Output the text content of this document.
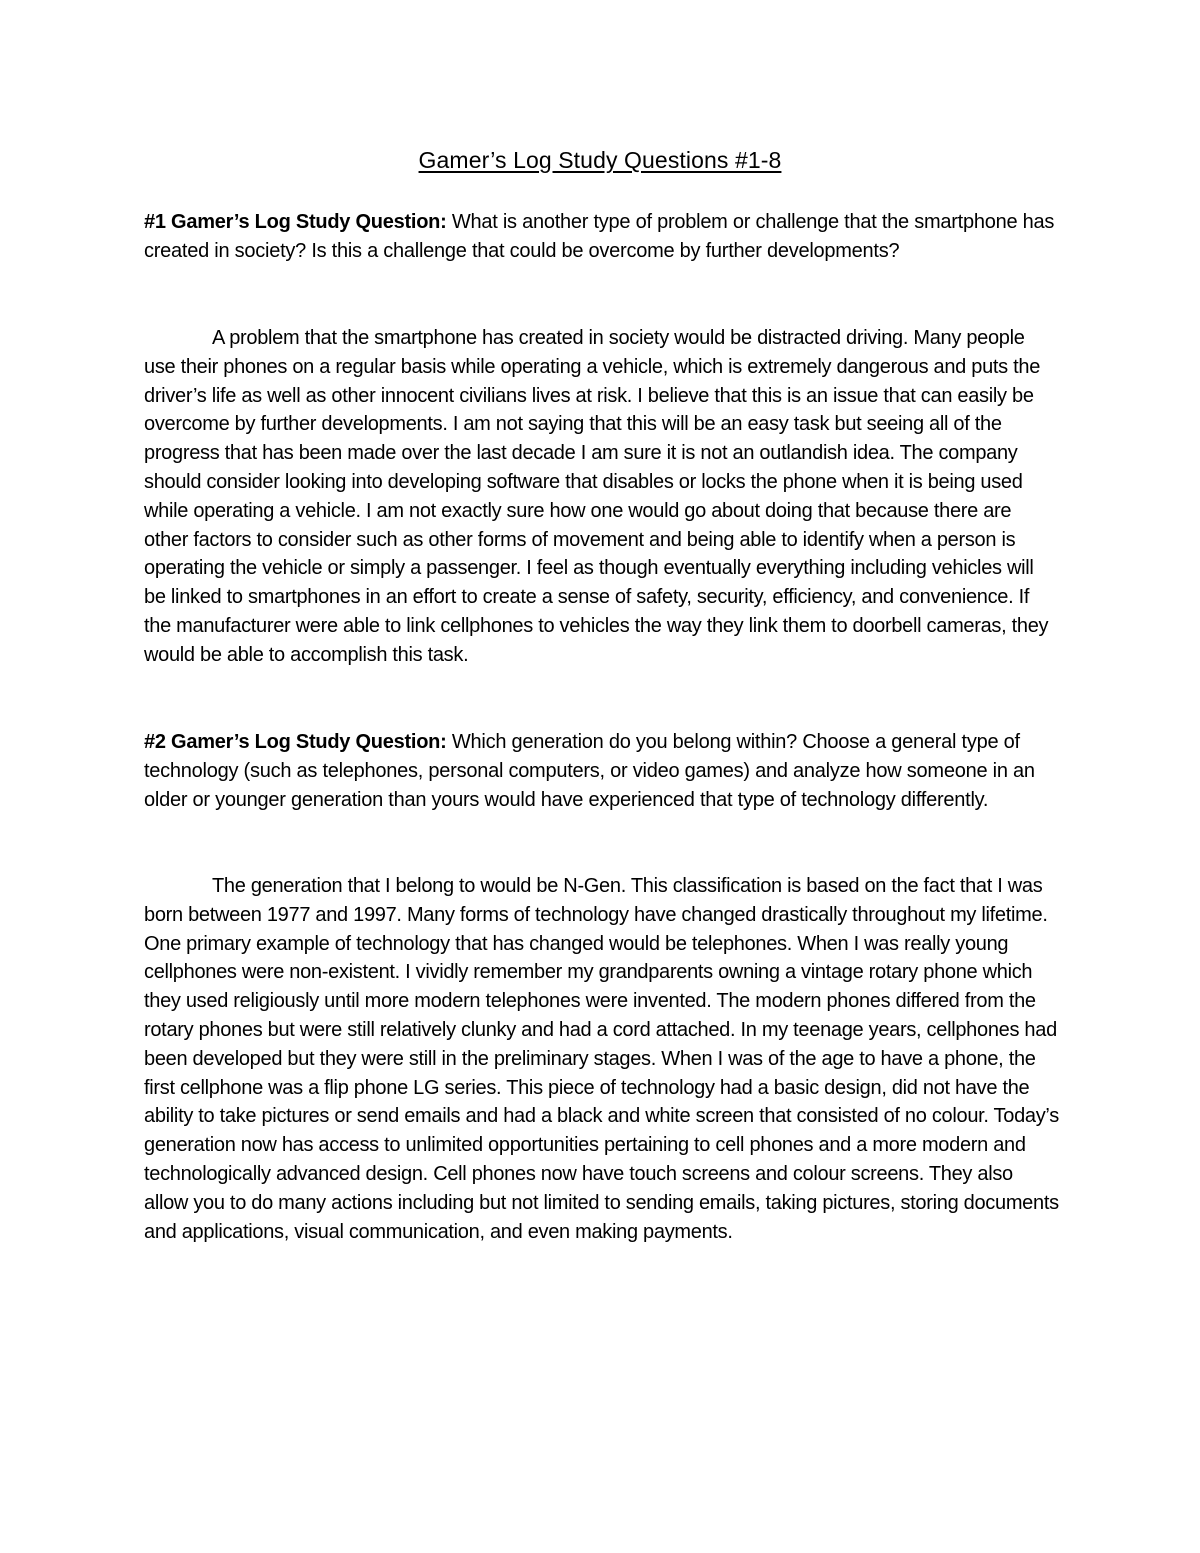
Gamer’s Log Study Questions #1-8
#1 Gamer’s Log Study Question: What is another type of problem or challenge that the smartphone has created in society? Is this a challenge that could be overcome by further developments?
A problem that the smartphone has created in society would be distracted driving. Many people use their phones on a regular basis while operating a vehicle, which is extremely dangerous and puts the driver’s life as well as other innocent civilians lives at risk. I believe that this is an issue that can easily be overcome by further developments. I am not saying that this will be an easy task but seeing all of the progress that has been made over the last decade I am sure it is not an outlandish idea. The company should consider looking into developing software that disables or locks the phone when it is being used while operating a vehicle. I am not exactly sure how one would go about doing that because there are other factors to consider such as other forms of movement and being able to identify when a person is operating the vehicle or simply a passenger. I feel as though eventually everything including vehicles will be linked to smartphones in an effort to create a sense of safety, security, efficiency, and convenience. If the manufacturer were able to link cellphones to vehicles the way they link them to doorbell cameras, they would be able to accomplish this task.
#2 Gamer’s Log Study Question: Which generation do you belong within? Choose a general type of technology (such as telephones, personal computers, or video games) and analyze how someone in an older or younger generation than yours would have experienced that type of technology differently.
The generation that I belong to would be N-Gen. This classification is based on the fact that I was born between 1977 and 1997. Many forms of technology have changed drastically throughout my lifetime. One primary example of technology that has changed would be telephones. When I was really young cellphones were non-existent. I vividly remember my grandparents owning a vintage rotary phone which they used religiously until more modern telephones were invented. The modern phones differed from the rotary phones but were still relatively clunky and had a cord attached. In my teenage years, cellphones had been developed but they were still in the preliminary stages. When I was of the age to have a phone, the first cellphone was a flip phone LG series. This piece of technology had a basic design, did not have the ability to take pictures or send emails and had a black and white screen that consisted of no colour. Today’s generation now has access to unlimited opportunities pertaining to cell phones and a more modern and technologically advanced design. Cell phones now have touch screens and colour screens. They also allow you to do many actions including but not limited to sending emails, taking pictures, storing documents and applications, visual communication, and even making payments.
